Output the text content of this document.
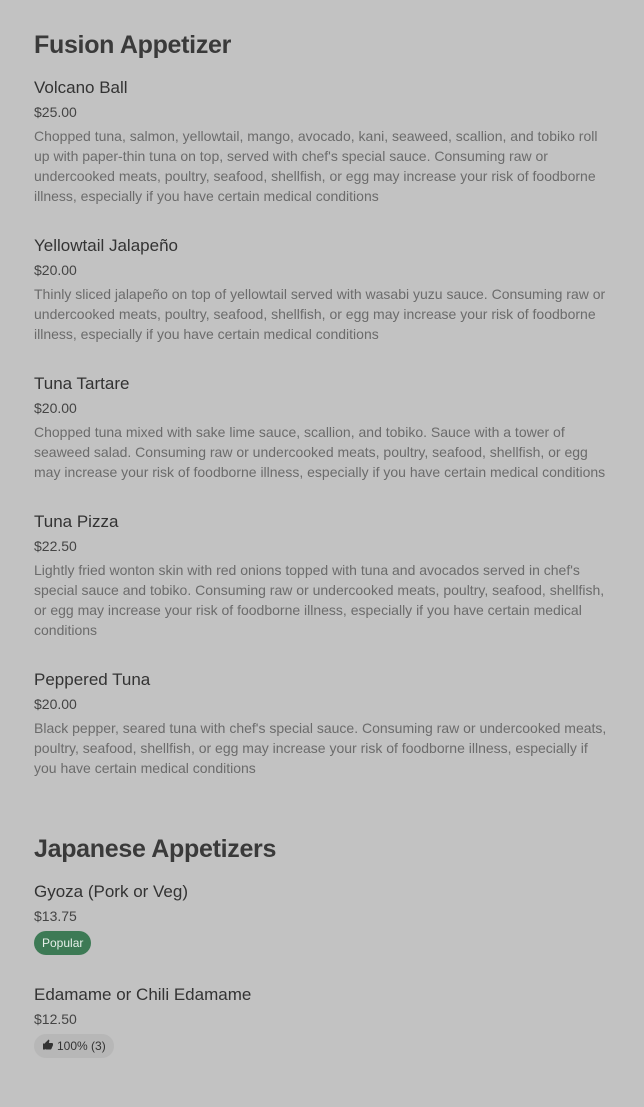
Fusion Appetizer
Volcano Ball
$25.00
Chopped tuna, salmon, yellowtail, mango, avocado, kani, seaweed, scallion, and tobiko roll up with paper-thin tuna on top, served with chef's special sauce. Consuming raw or undercooked meats, poultry, seafood, shellfish, or egg may increase your risk of foodborne illness, especially if you have certain medical conditions
Yellowtail Jalapeño
$20.00
Thinly sliced jalapeño on top of yellowtail served with wasabi yuzu sauce. Consuming raw or undercooked meats, poultry, seafood, shellfish, or egg may increase your risk of foodborne illness, especially if you have certain medical conditions
Tuna Tartare
$20.00
Chopped tuna mixed with sake lime sauce, scallion, and tobiko. Sauce with a tower of seaweed salad. Consuming raw or undercooked meats, poultry, seafood, shellfish, or egg may increase your risk of foodborne illness, especially if you have certain medical conditions
Tuna Pizza
$22.50
Lightly fried wonton skin with red onions topped with tuna and avocados served in chef's special sauce and tobiko. Consuming raw or undercooked meats, poultry, seafood, shellfish, or egg may increase your risk of foodborne illness, especially if you have certain medical conditions
Peppered Tuna
$20.00
Black pepper, seared tuna with chef's special sauce. Consuming raw or undercooked meats, poultry, seafood, shellfish, or egg may increase your risk of foodborne illness, especially if you have certain medical conditions
Japanese Appetizers
Gyoza (Pork or Veg)
$13.75
Popular
Edamame or Chili Edamame
$12.50
100% (3)
